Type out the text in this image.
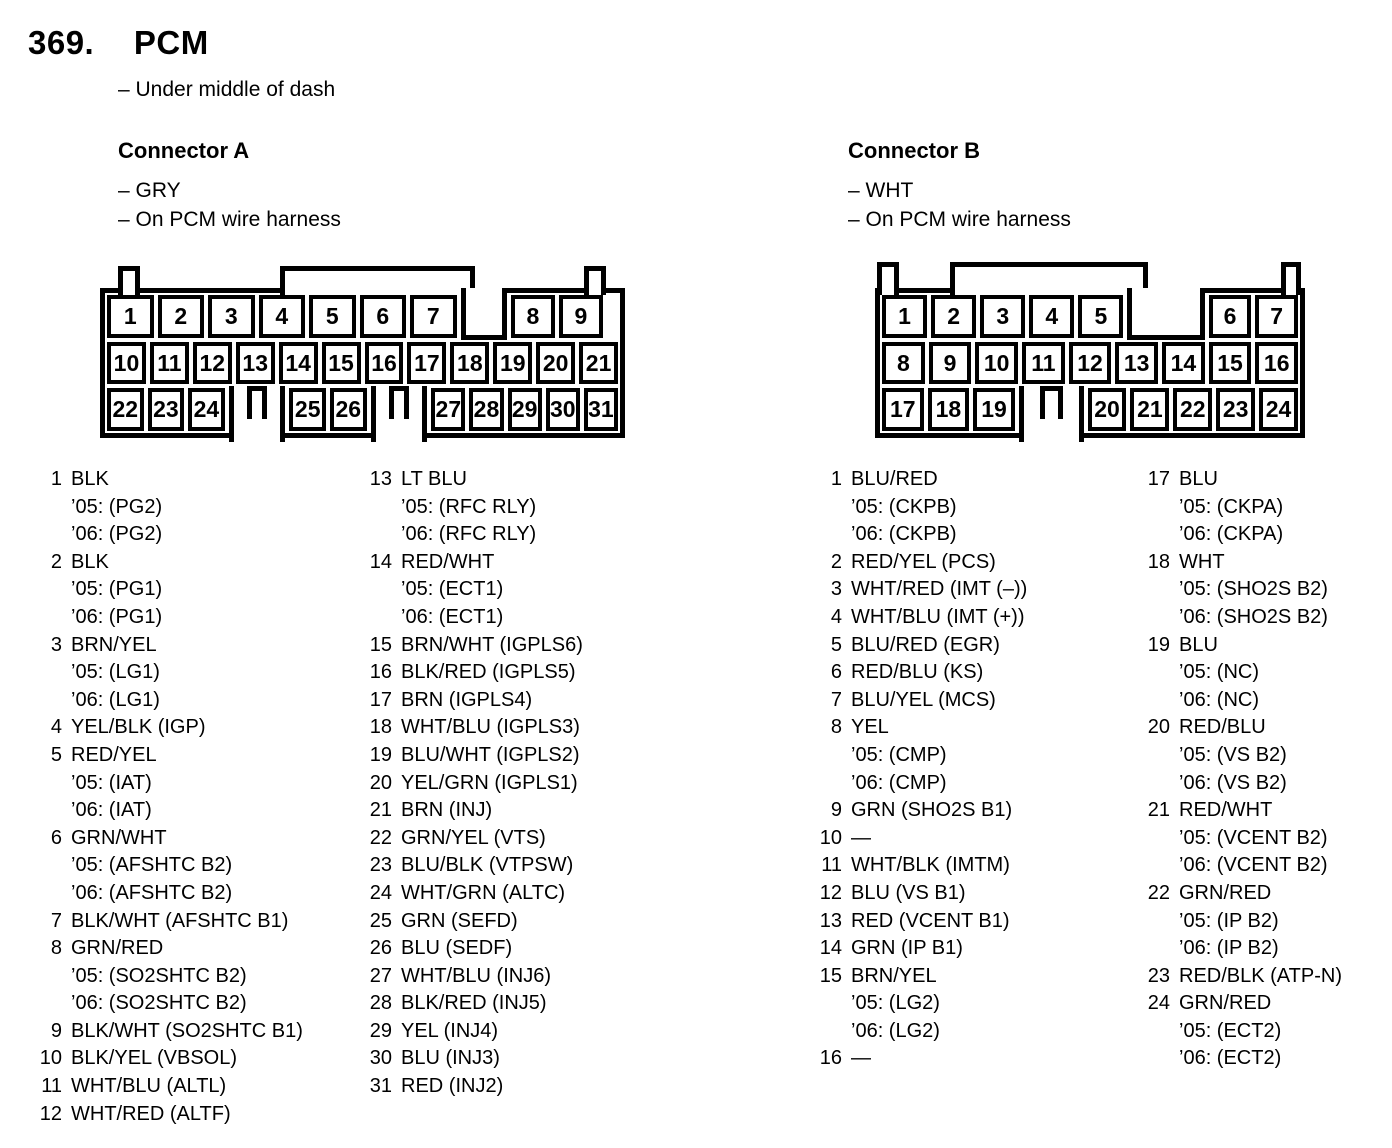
369. PCM
– Under middle of dash
Connector A
– GRY
– On PCM wire harness
Connector B
– WHT
– On PCM wire harness
1	2	3	4	5	6	7	8	9
10 11 12 13 14 15 16 17 18 19 20 21
22 23 24	25 26	27 28 29 30 31
1	2	3	4	5	6	7
8	9	10 11 12 13 14 15 16
17 18 19	20 21 22 23 24
1 BLK
’05: (PG2)
’06: (PG2)
2 BLK
’05: (PG1)
’06: (PG1)
3 BRN/YEL
’05: (LG1)
’06: (LG1)
4 YEL/BLK (IGP)
5 RED/YEL
’05: (IAT)
’06: (IAT)
6 GRN/WHT
’05: (AFSHTC B2)
’06: (AFSHTC B2)
7 BLK/WHT (AFSHTC B1)
8 GRN/RED
’05: (SO2SHTC B2)
’06: (SO2SHTC B2)
9 BLK/WHT (SO2SHTC B1)
10 BLK/YEL (VBSOL)
11 WHT/BLU (ALTL)
12 WHT/RED (ALTF)
13 LT BLU
’05: (RFC RLY)
’06: (RFC RLY)
14 RED/WHT
’05: (ECT1)
’06: (ECT1)
15 BRN/WHT (IGPLS6)
16 BLK/RED (IGPLS5)
17 BRN (IGPLS4)
18 WHT/BLU (IGPLS3)
19 BLU/WHT (IGPLS2)
20 YEL/GRN (IGPLS1)
21 BRN (INJ)
22 GRN/YEL (VTS)
23 BLU/BLK (VTPSW)
24 WHT/GRN (ALTC)
25 GRN (SEFD)
26 BLU (SEDF)
27 WHT/BLU (INJ6)
28 BLK/RED (INJ5)
29 YEL (INJ4)
30 BLU (INJ3)
31 RED (INJ2)
1 BLU/RED
’05: (CKPB)
’06: (CKPB)
2 RED/YEL (PCS)
3 WHT/RED (IMT (–))
4 WHT/BLU (IMT (+))
5 BLU/RED (EGR)
6 RED/BLU (KS)
7 BLU/YEL (MCS)
8 YEL
’05: (CMP)
’06: (CMP)
9 GRN (SHO2S B1)
10 —
11 WHT/BLK (IMTM)
12 BLU (VS B1)
13 RED (VCENT B1)
14 GRN (IP B1)
15 BRN/YEL
’05: (LG2)
’06: (LG2)
16 —
17 BLU
’05: (CKPA)
’06: (CKPA)
18 WHT
’05: (SHO2S B2)
’06: (SHO2S B2)
19 BLU
’05: (NC)
’06: (NC)
20 RED/BLU
’05: (VS B2)
’06: (VS B2)
21 RED/WHT
’05: (VCENT B2)
’06: (VCENT B2)
22 GRN/RED
’05: (IP B2)
’06: (IP B2)
23 RED/BLK (ATP-N)
24 GRN/RED
’05: (ECT2)
’06: (ECT2)
